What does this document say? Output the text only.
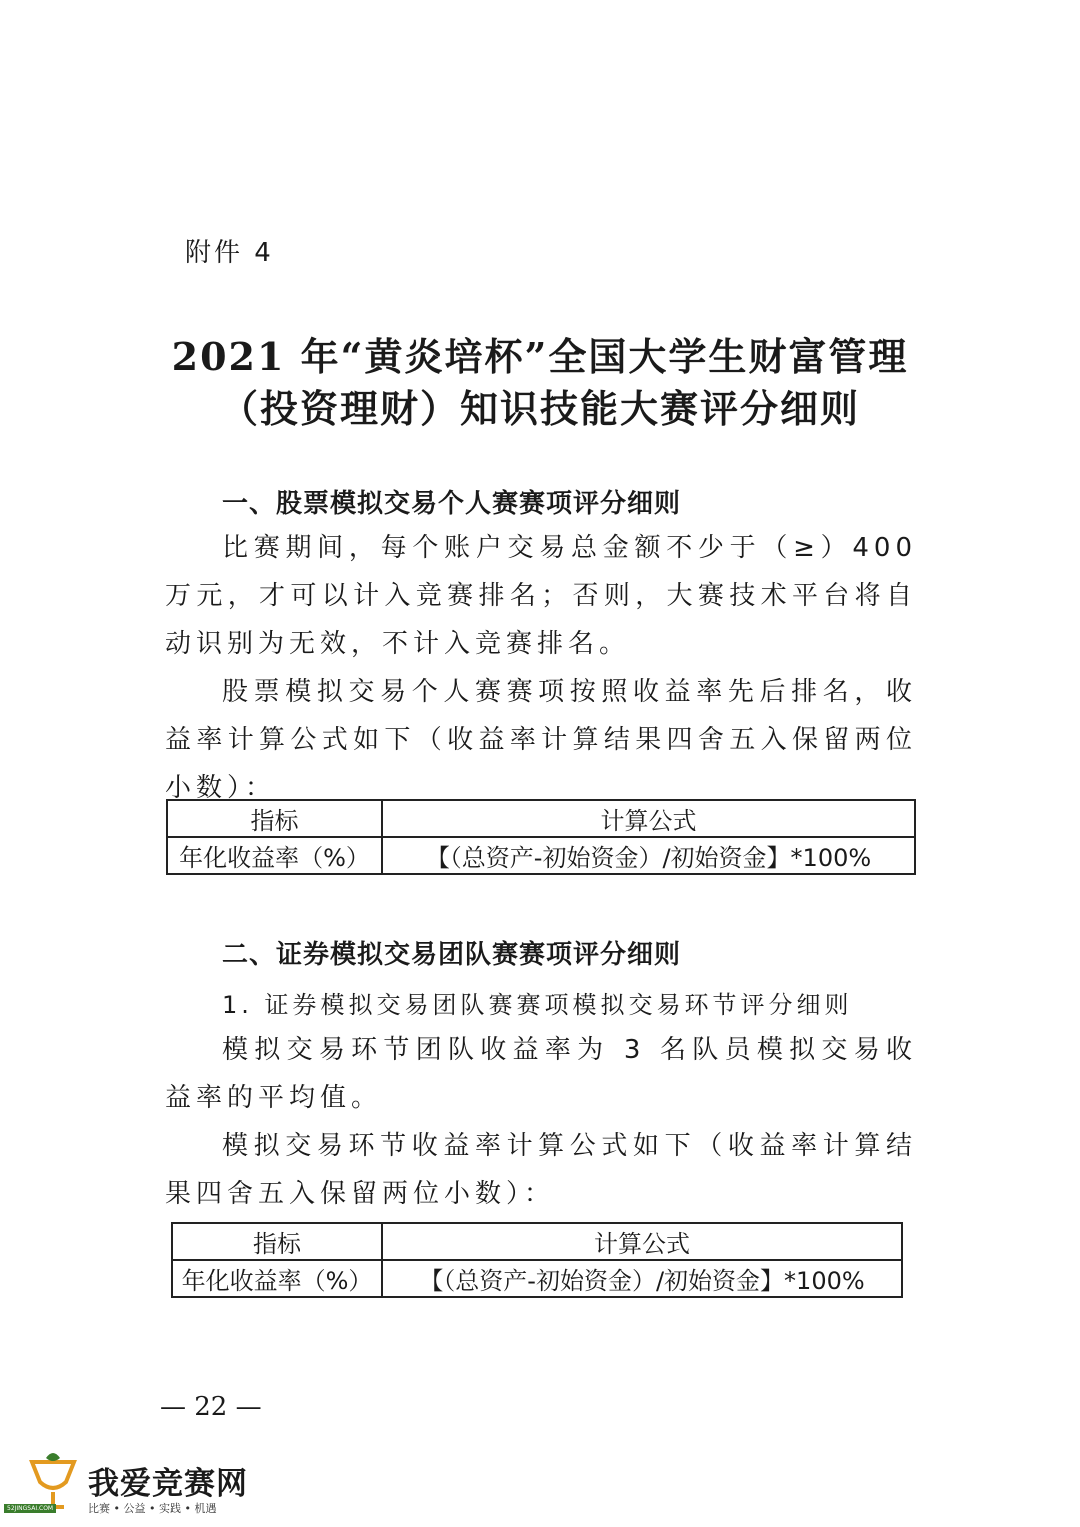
附件 4
2021 年“黄炎培杯”全国大学生财富管理
（投资理财）知识技能大赛评分细则
一、股票模拟交易个人赛赛项评分细则

比赛期间，每个账户交易总金额不少于（≥）400 万元，才可以计入竞赛排名；否则，大赛技术平台将自动识别为无效，不计入竞赛排名。

股票模拟交易个人赛赛项按照收益率先后排名，收益率计算公式如下（收益率计算结果四舍五入保留两位小数）：

指标	计算公式
年化收益率（%）	【（总资产-初始资金）/初始资金】*100%
二、证券模拟交易团队赛赛项评分细则
1. 证券模拟交易团队赛赛项模拟交易环节评分细则

模拟交易环节团队收益率为 3 名队员模拟交易收益率的平均值。

模拟交易环节收益率计算公式如下（收益率计算结果四舍五入保留两位小数）：

指标	计算公式
年化收益率（%）	【（总资产-初始资金）/初始资金】*100%
— 22 —
我爱竞赛网
比赛 • 公益 • 实践 • 机遇
52JINGSAI.COM
